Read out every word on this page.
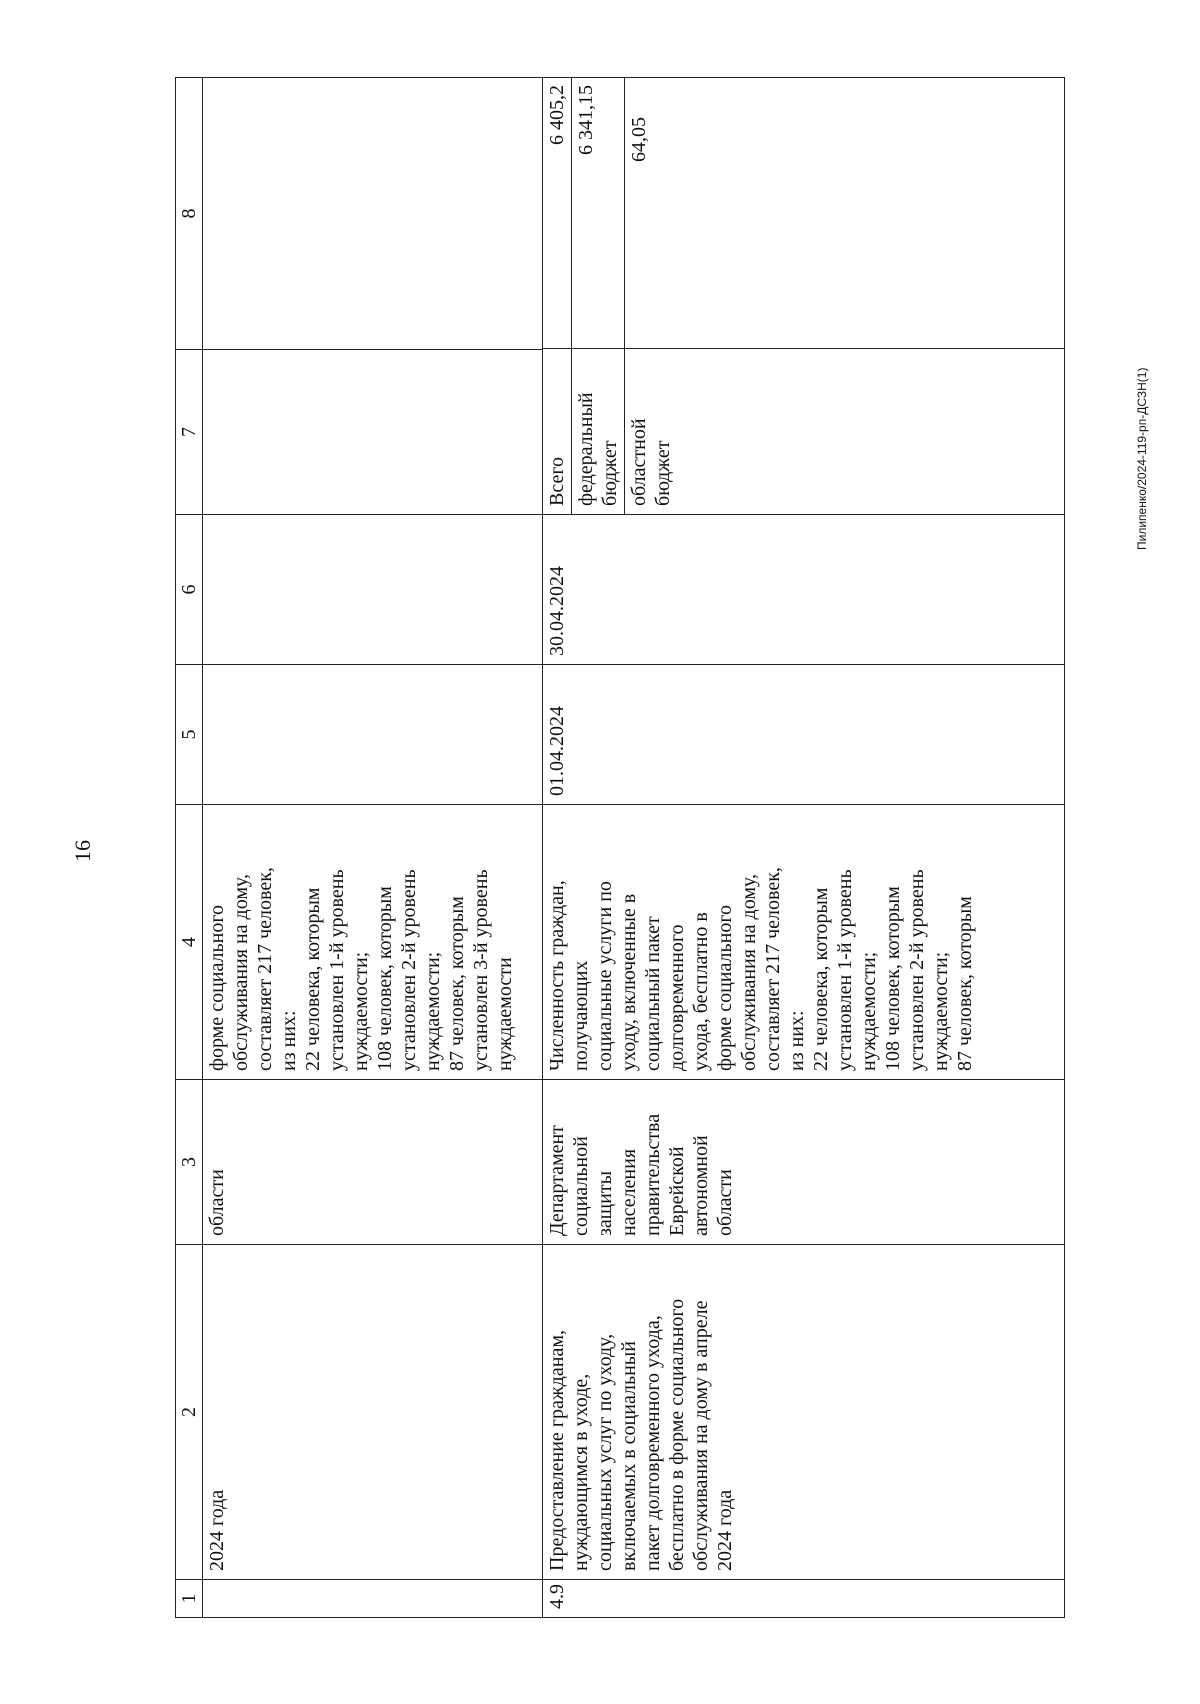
16
Пилипенко/2024-119-рп-ДСЗН(1)
1	2	3	4	5	6	7	8
	2024 года	области	форме социального
обслуживания на дому,
составляет 217 человек,
из них:
22 человека, которым
установлен 1-й уровень
нуждаемости;
108 человек, которым
установлен 2-й уровень
нуждаемости;
87 человек, которым
установлен 3-й уровень
нуждаемости				
4.9	Предоставление гражданам,
нуждающимся в уходе,
социальных услуг по уходу,
включаемых в социальный
пакет долговременного ухода,
бесплатно в форме социального
обслуживания на дому в апреле
2024 года	Департамент
социальной
защиты
населения
правительства
Еврейской
автономной
области	Численность граждан,
получающих
социальные услуги по
уходу, включенные в
социальный пакет
долговременного
ухода, бесплатно в
форме социального
обслуживания на дому,
составляет 217 человек,
из них:
22 человека, которым
установлен 1-й уровень
нуждаемости;
108 человек, которым
установлен 2-й уровень
нуждаемости;
87 человек, которым	01.04.2024	30.04.2024	
Всего	6 405,2
федеральный
бюджет	6 341,15
областной
бюджет	64,05
